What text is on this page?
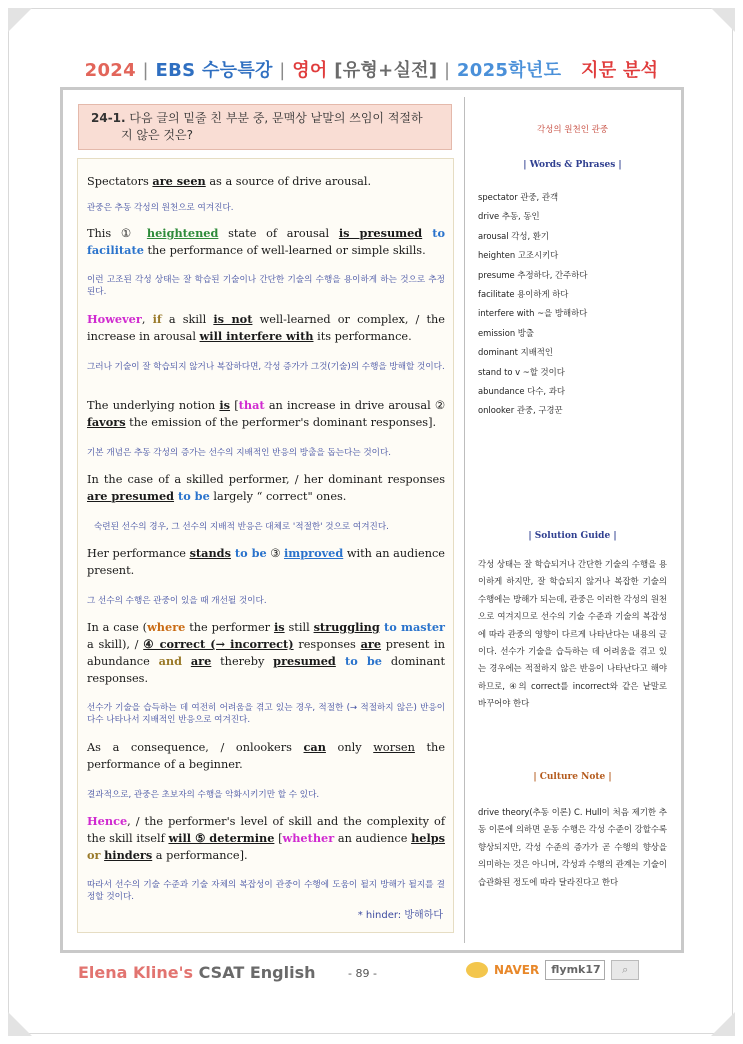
2024 | EBS 수능특강 | 영어 [유형+실전] | 2025학년도 지문 분석
24-1. 다음 글의 밑줄 친 부분 중, 문맥상 낱말의 쓰임이 적절하
지 않은 것은?
Spectators are seen as a source of drive arousal.
관중은 추동 각성의 원천으로 여겨진다.
This ① heightened state of arousal is presumed to facilitate the performance of well-learned or simple skills.
이런 고조된 각성 상태는 잘 학습된 기술이나 간단한 기술의 수행을 용이하게 하는 것으로 추정된다.
However, if a skill is not well-learned or complex, / the increase in arousal will interfere with its performance.
그러나 기술이 잘 학습되지 않거나 복잡하다면, 각성 증가가 그것(기술)의 수행을 방해할 것이다.
The underlying notion is [that an increase in drive arousal ② favors the emission of the performer's dominant responses].
기본 개념은 추동 각성의 증가는 선수의 지배적인 반응의 방출을 돕는다는 것이다.
In the case of a skilled performer, / her dominant responses are presumed to be largely “ correct" ones.
숙련된 선수의 경우, 그 선수의 지배적 반응은 대체로 '적절한' 것으로 여겨진다.
Her performance stands to be ③ improved with an audience present.
그 선수의 수행은 관중이 있을 때 개선될 것이다.
In a case (where the performer is still struggling to master a skill), / ④ correct (→ incorrect) responses are present in abundance and are thereby presumed to be dominant responses.
선수가 기술을 습득하는 데 여전히 어려움을 겪고 있는 경우, 적절한 (→ 적절하지 않은) 반응이 다수 나타나서 지배적인 반응으로 여겨진다.
As a consequence, / onlookers can only worsen the performance of a beginner.
결과적으로, 관중은 초보자의 수행을 악화시키기만 할 수 있다.
Hence, / the performer's level of skill and the complexity of the skill itself will ⑤ determine [whether an audience helps or hinders a performance].
따라서 선수의 기술 수준과 기술 자체의 복잡성이 관중이 수행에 도움이 될지 방해가 될지를 결정할 것이다.
* hinder: 방해하다
각성의 원천인 관중
| Words & Phrases |
spectator 관중, 관객
drive 추동, 동인
arousal 각성, 환기
heighten 고조시키다
presume 추정하다, 간주하다
facilitate 용이하게 하다
interfere with ~을 방해하다
emission 방출
dominant 지배적인
stand to v ~할 것이다
abundance 다수, 과다
onlooker 관중, 구경꾼
| Solution Guide |
각성 상태는 잘 학습되거나 간단한 기술의 수행을 용이하게 하지만, 잘 학습되지 않거나 복잡한 기술의 수행에는 방해가 되는데, 관중은 이러한 각성의 원천으로 여겨지므로 선수의 기술 수준과 기술의 복잡성에 따라 관중의 영향이 다르게 나타난다는 내용의 글이다. 선수가 기술을 습득하는 데 어려움을 겪고 있는 경우에는 적절하지 않은 반응이 나타난다고 해야 하므로, ④의 correct를 incorrect와 같은 낱말로 바꾸어야 한다
| Culture Note |
drive theory(추동 이론) C. Hull이 처음 제기한 추동 이론에 의하면 운동 수행은 각성 수준이 강할수록 향상되지만, 각성 수준의 증가가 곧 수행의 향상을 의미하는 것은 아니며, 각성과 수행의 관계는 기술이 습관화된 정도에 따라 달라진다고 한다
Elena Kline's CSAT English	- 89 -	NAVER	flymk17	⌕
